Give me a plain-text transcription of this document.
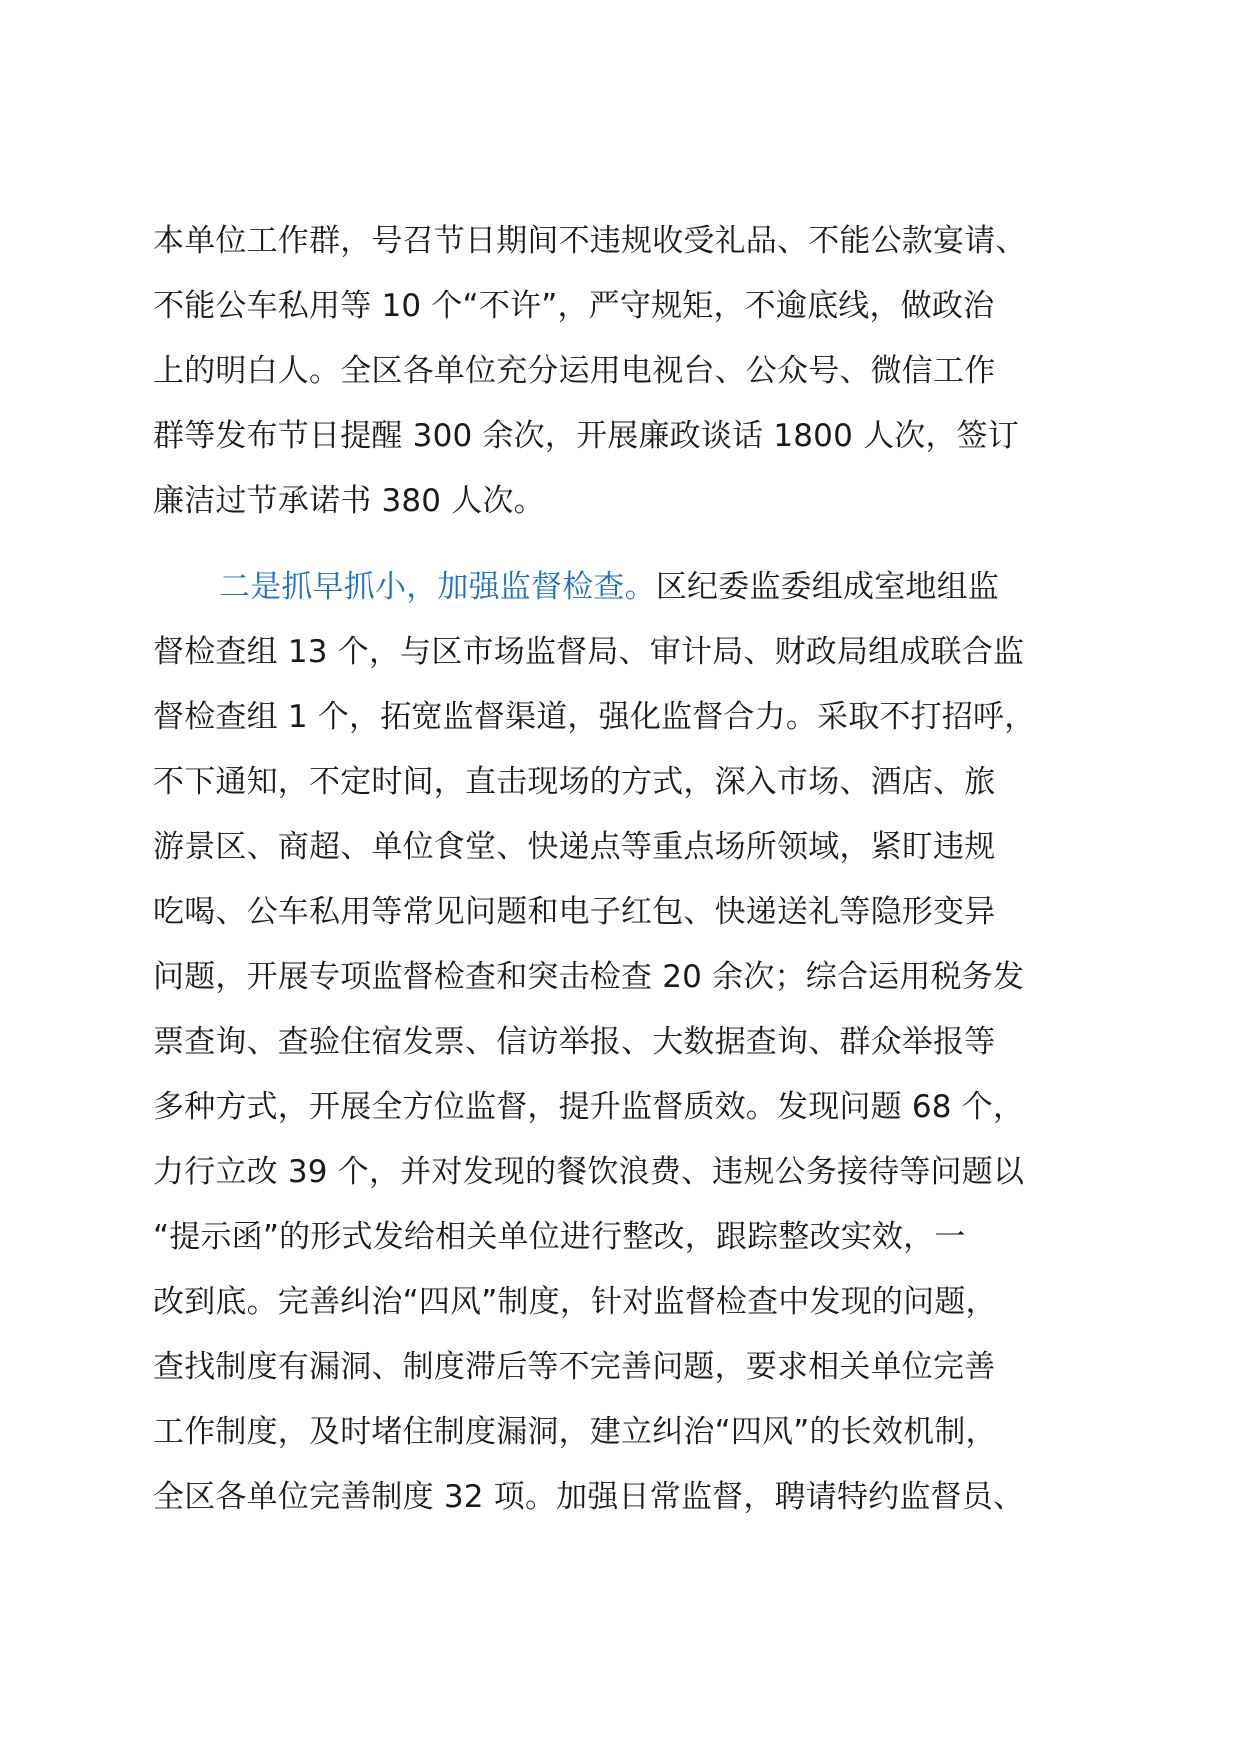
本单位工作群，号召节日期间不违规收受礼品、不能公款宴请、
不能公车私用等 10 个“不许”，严守规矩，不逾底线，做政治
上的明白人。全区各单位充分运用电视台、公众号、微信工作
群等发布节日提醒 300 余次，开展廉政谈话 1800 人次，签订
廉洁过节承诺书 380 人次。
二是抓早抓小，加强监督检查。区纪委监委组成室地组监
督检查组 13 个，与区市场监督局、审计局、财政局组成联合监
督检查组 1 个，拓宽监督渠道，强化监督合力。采取不打招呼，
不下通知，不定时间，直击现场的方式，深入市场、酒店、旅
游景区、商超、单位食堂、快递点等重点场所领域，紧盯违规
吃喝、公车私用等常见问题和电子红包、快递送礼等隐形变异
问题，开展专项监督检查和突击检查 20 余次；综合运用税务发
票查询、查验住宿发票、信访举报、大数据查询、群众举报等
多种方式，开展全方位监督，提升监督质效。发现问题 68 个，
力行立改 39 个，并对发现的餐饮浪费、违规公务接待等问题以
“提示函”的形式发给相关单位进行整改，跟踪整改实效，一
改到底。完善纠治“四风”制度，针对监督检查中发现的问题，
查找制度有漏洞、制度滞后等不完善问题，要求相关单位完善
工作制度，及时堵住制度漏洞，建立纠治“四风”的长效机制，
全区各单位完善制度 32 项。加强日常监督，聘请特约监督员、
